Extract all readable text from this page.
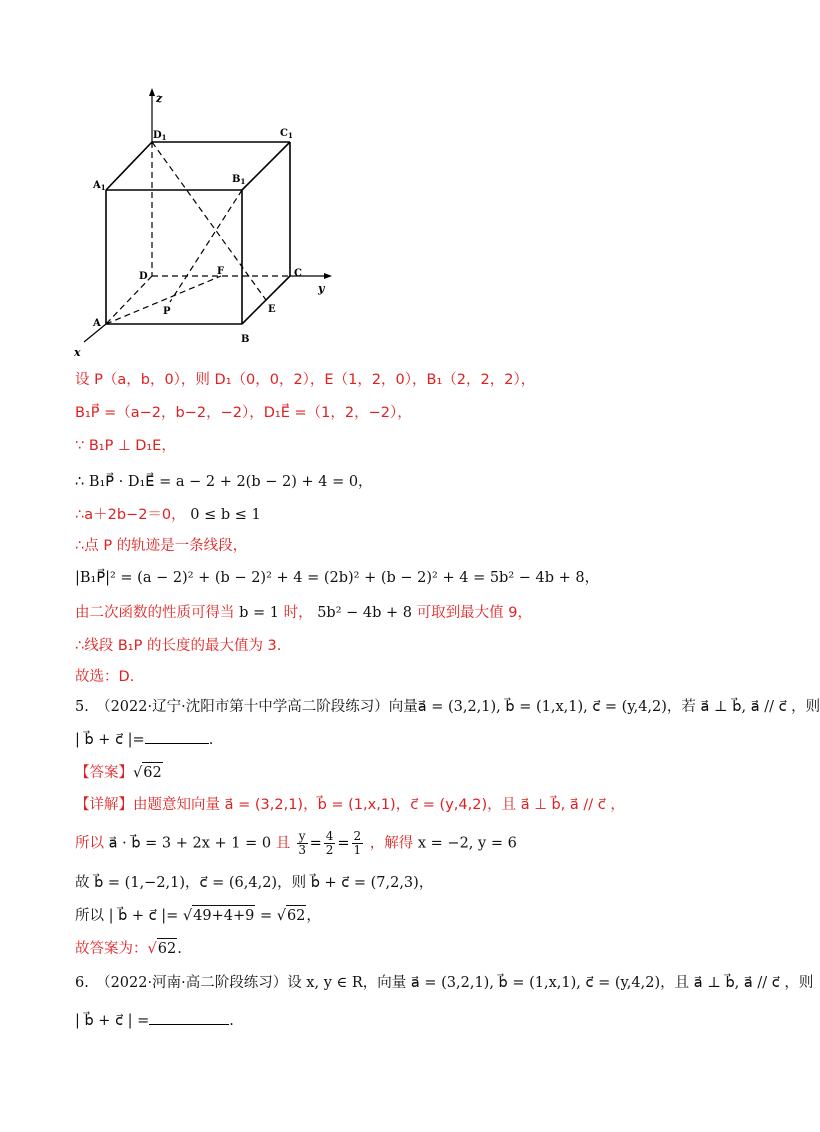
z
x
y
$D_1$	$C_1$
$A_1$
$B_1$
D	C
A
B
E
F
P
设 P（a，b，0），则 D₁（0，0，2），E（1，2，0），B₁（2，2，2），
B₁P⃗ =（a−2，b−2，−2），D₁E⃗ =（1，2，−2），
∵ B₁P ⊥ D₁E，
∴ B₁P⃗ · D₁E⃗ = a − 2 + 2(b − 2) + 4 = 0，
∴a＋2b−2＝0， 0 ≤ b ≤ 1
∴点 P 的轨迹是一条线段，
|B₁P⃗|² = (a − 2)² + (b − 2)² + 4 = (2b)² + (b − 2)² + 4 = 5b² − 4b + 8，
由二次函数的性质可得当 b = 1 时， 5b² − 4b + 8 可取到最大值 9，
∴线段 B₁P 的长度的最大值为 3.
故选：D.
5.　（2022·辽宁·沈阳市第十中学高二阶段练习）向量a⃗ = (3,2,1), b⃗ = (1,x,1), c⃗ = (y,4,2)，若 a⃗ ⊥ b⃗, a⃗ // c⃗ ，则
| b⃗ + c⃗ |=	.
【答案】√62
【详解】由题意知向量 a⃗ = (3,2,1)，b⃗ = (1,x,1)，c⃗ = (y,4,2)，且 a⃗ ⊥ b⃗, a⃗ // c⃗ ，
所以 a⃗ · b⃗ = 3 + 2x + 1 = 0 且 $\frac{y}{3} = \frac{4}{2} = \frac{2}{1}$ ，解得 x = −2, y = 6
故 b⃗ = (1,−2,1)，c⃗ = (6,4,2)，则 b⃗ + c⃗ = (7,2,3)，
所以 | b⃗ + c⃗ |= √49+4+9 = √62，
故答案为：√62.
6.　（2022·河南·高二阶段练习）设 x, y ∈ R，向量 a⃗ = (3,2,1), b⃗ = (1,x,1), c⃗ = (y,4,2)，且 a⃗ ⊥ b⃗, a⃗ // c⃗ ，则
| b⃗ + c⃗ | =	.
